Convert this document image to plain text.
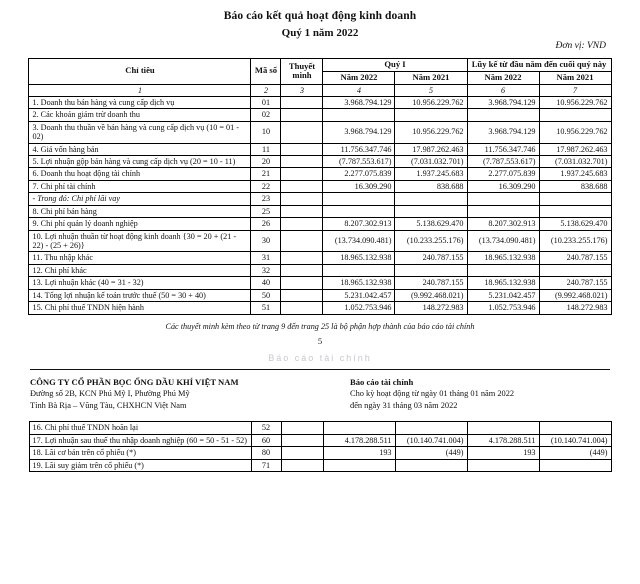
Báo cáo kết quả hoạt động kinh doanh
Quý 1 năm 2022
Đơn vị: VND
Chỉ tiêu	Mã số	Thuyết minh	Quý I		Lũy kế từ đầu năm đến cuối quý này	
			Năm 2022	Năm 2021	Năm 2022	Năm 2021
1	2	3	4	5	6	7
1. Doanh thu bán hàng và cung cấp dịch vụ	01		3.968.794.129	10.956.229.762	3.968.794.129	10.956.229.762
2. Các khoản giảm trừ doanh thu	02					
3. Doanh thu thuần về bán hàng và cung cấp dịch vụ (10 = 01 - 02)	10		3.968.794.129	10.956.229.762	3.968.794.129	10.956.229.762
4. Giá vốn hàng bán	11		11.756.347.746	17.987.262.463	11.756.347.746	17.987.262.463
5. Lợi nhuận gộp bán hàng và cung cấp dịch vụ (20 = 10 - 11)	20		(7.787.553.617)	(7.031.032.701)	(7.787.553.617)	(7.031.032.701)
6. Doanh thu hoạt động tài chính	21		2.277.075.839	1.937.245.683	2.277.075.839	1.937.245.683
7. Chi phí tài chính	22		16.309.290	838.688	16.309.290	838.688
- Trong đó: Chi phí lãi vay	23					
8. Chi phí bán hàng	25					
9. Chi phí quản lý doanh nghiệp	26		8.207.302.913	5.138.629.470	8.207.302.913	5.138.629.470
10. Lợi nhuận thuần từ hoạt động kinh doanh {30 = 20 + (21 - 22) - (25 + 26)}	30		(13.734.090.481)	(10.233.255.176)	(13.734.090.481)	(10.233.255.176)
11. Thu nhập khác	31		18.965.132.938	240.787.155	18.965.132.938	240.787.155
12. Chi phí khác	32					
13. Lợi nhuận khác (40 = 31 - 32)	40		18.965.132.938	240.787.155	18.965.132.938	240.787.155
14. Tổng lợi nhuận kế toán trước thuế (50 = 30 + 40)	50		5.231.042.457	(9.992.468.021)	5.231.042.457	(9.992.468.021)
15. Chi phí thuế TNDN hiện hành	51		1.052.753.946	148.272.983	1.052.753.946	148.272.983
Các thuyết minh kèm theo từ trang 9 đến trang 25 là bộ phận hợp thành của báo cáo tài chính
5
Báo cáo tài chính
CÔNG TY CỔ PHẦN BỌC ỐNG DẦU KHÍ VIỆT NAM
Đường số 2B, KCN Phú Mỹ I, Phường Phú Mỹ
Tỉnh Bà Rịa – Vũng Tàu, CHXHCN Việt Nam
Báo cáo tài chính
Cho kỳ hoạt động từ ngày 01 tháng 01 năm 2022
đến ngày 31 tháng 03 năm 2022
16. Chi phí thuế TNDN hoãn lại	52					
17. Lợi nhuận sau thuế thu nhập doanh nghiệp (60 = 50 - 51 - 52)	60		4.178.288.511	(10.140.741.004)	4.178.288.511	(10.140.741.004)
18. Lãi cơ bản trên cổ phiếu (*)	80		193	(449)	193	(449)
19. Lãi suy giảm trên cổ phiếu (*)	71					
